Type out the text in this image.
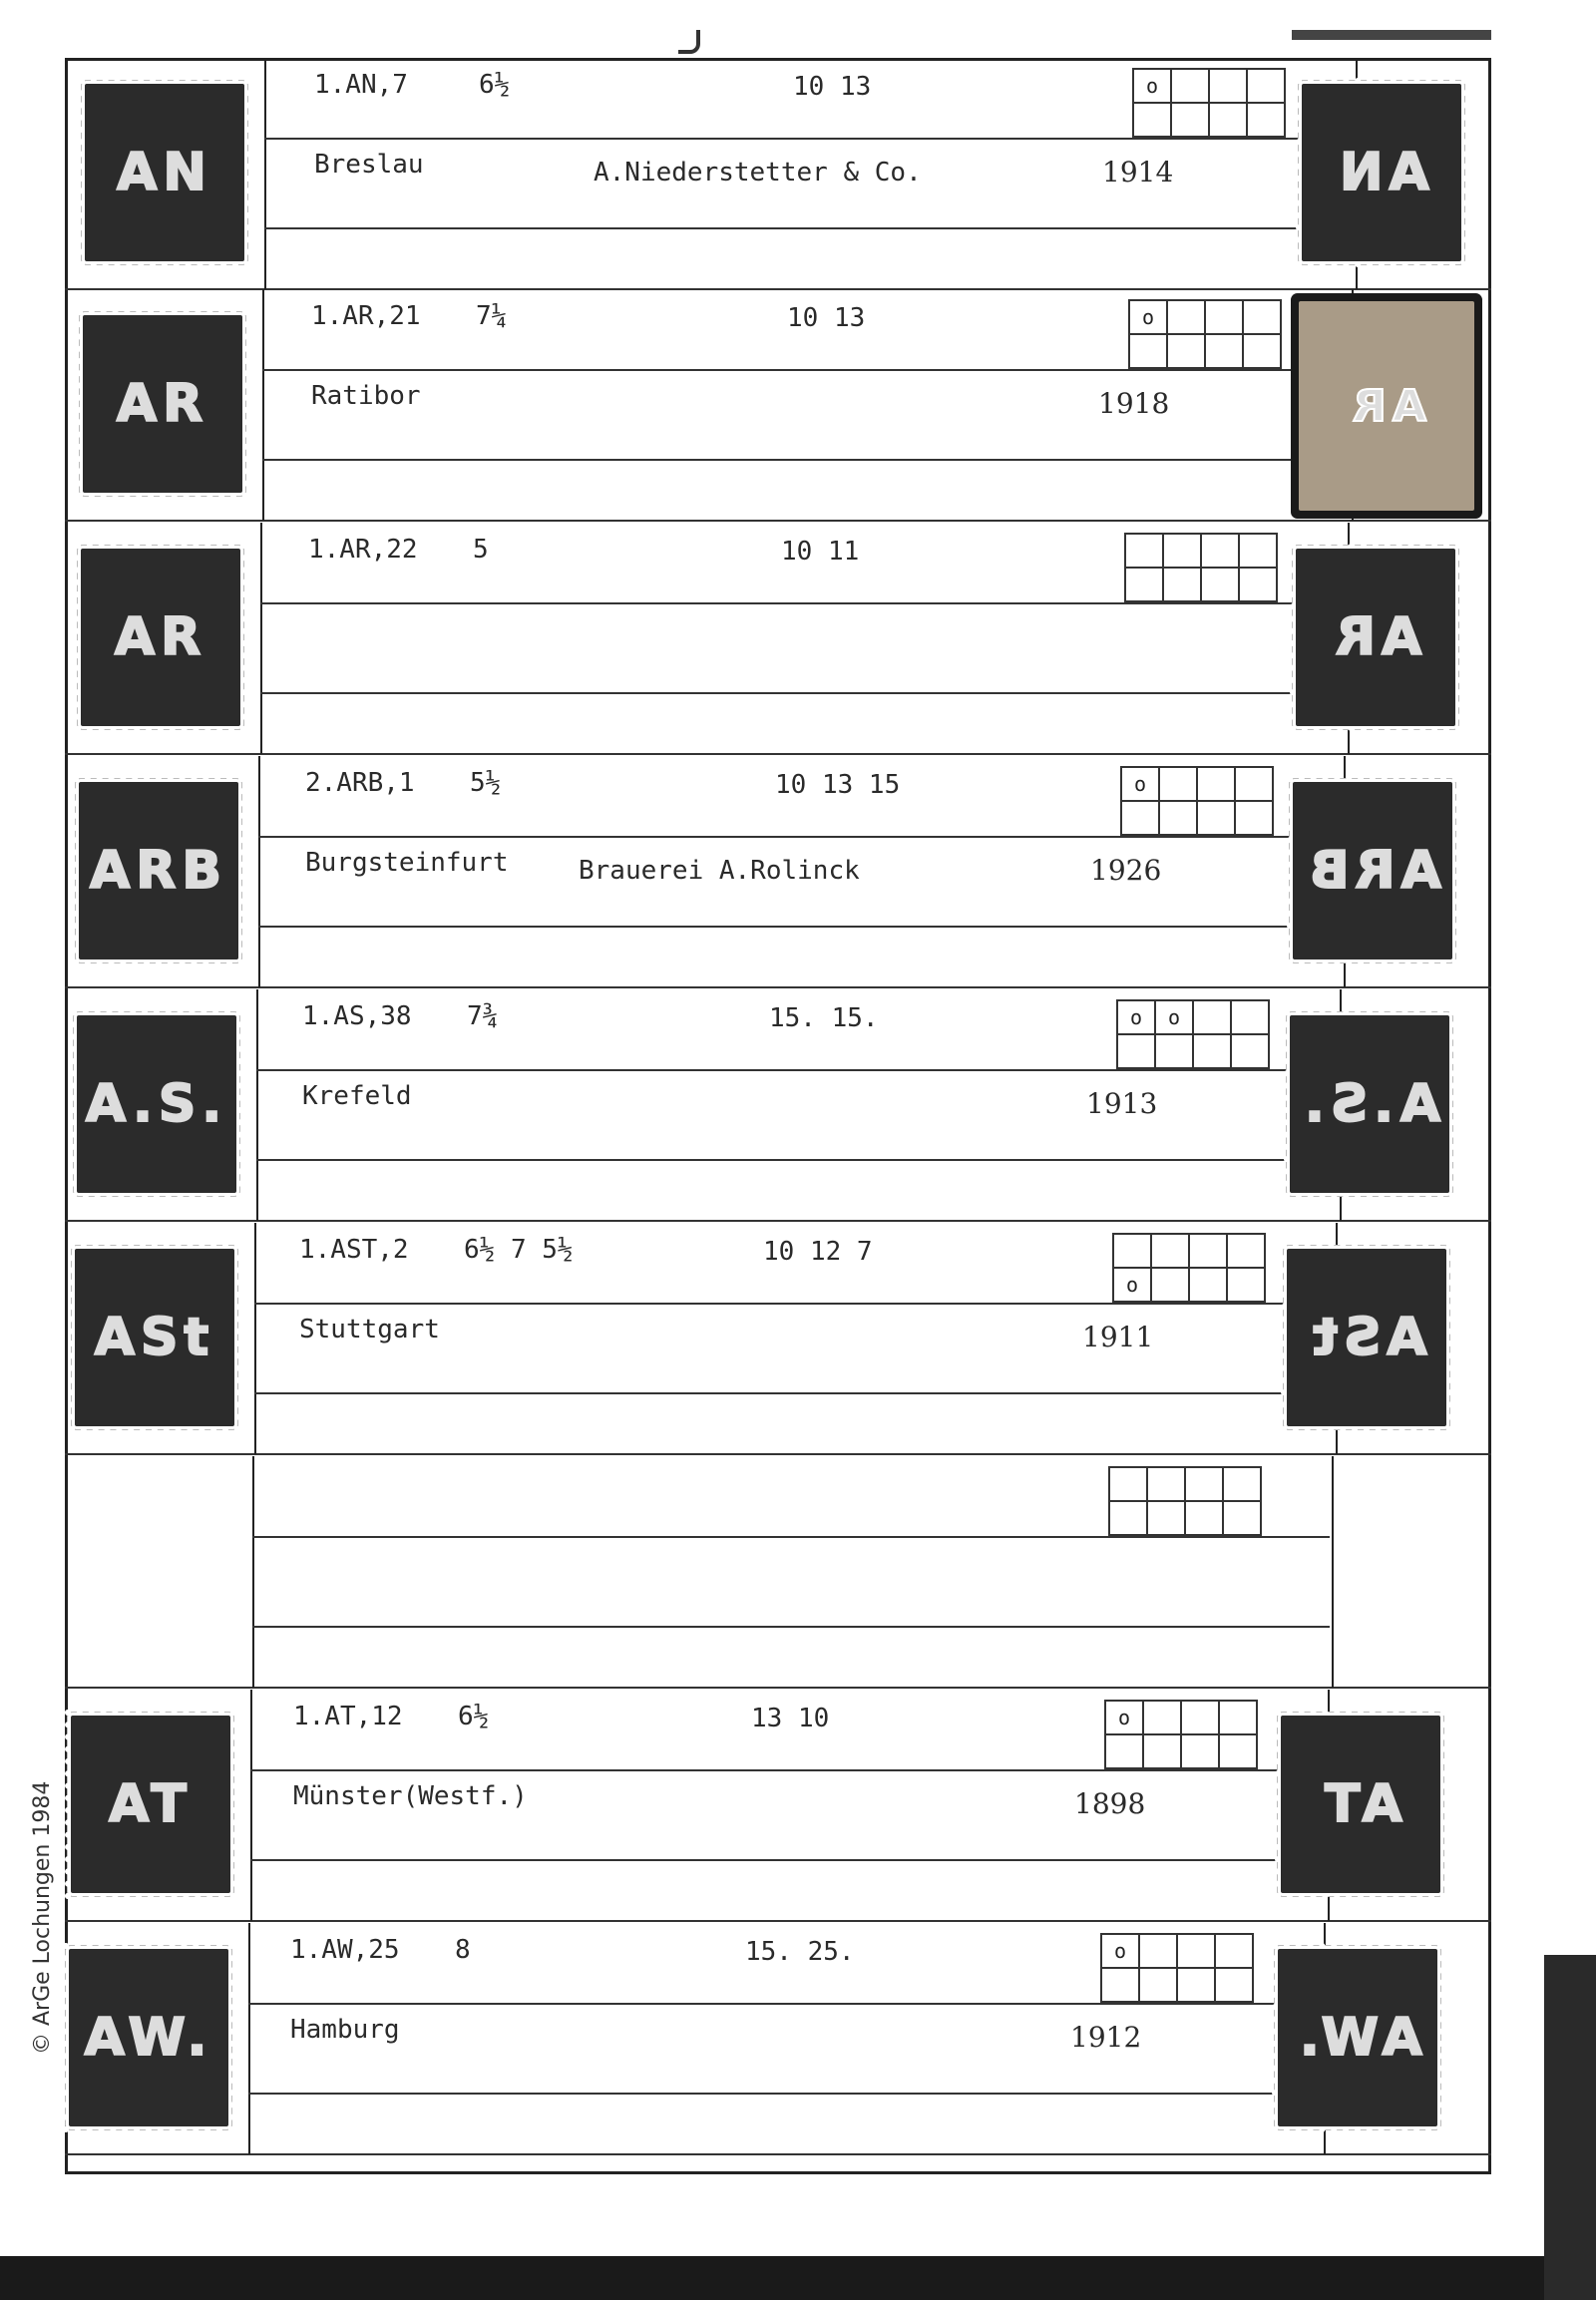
AN	AN
1.AN,7	6½	10 13
Breslau	A.Niederstetter & Co.	1914
o
AR	AR
1.AR,21 7¼	10 13
Ratibor	1918
o
AR	AR
1.AR,22 5	10 11
ARB	ARB
2.ARB,1 5½	10 13 15
Burgsteinfurt	Brauerei A.Rolinck	1926
o
A.S.	A.S.
1.AS,38 7¾	15. 15.
Krefeld	1913
o	o
ASt	ASt
1.AST,2 6½ 7 5½	10 12 7
Stuttgart	1911
o
AT	AT
1.AT,12 6½	13 10
Münster(Westf.)	1898
o
AW.	AW.
1.AW,25 8	15. 25.
Hamburg	1912
o
© ArGe Lochungen 1984
